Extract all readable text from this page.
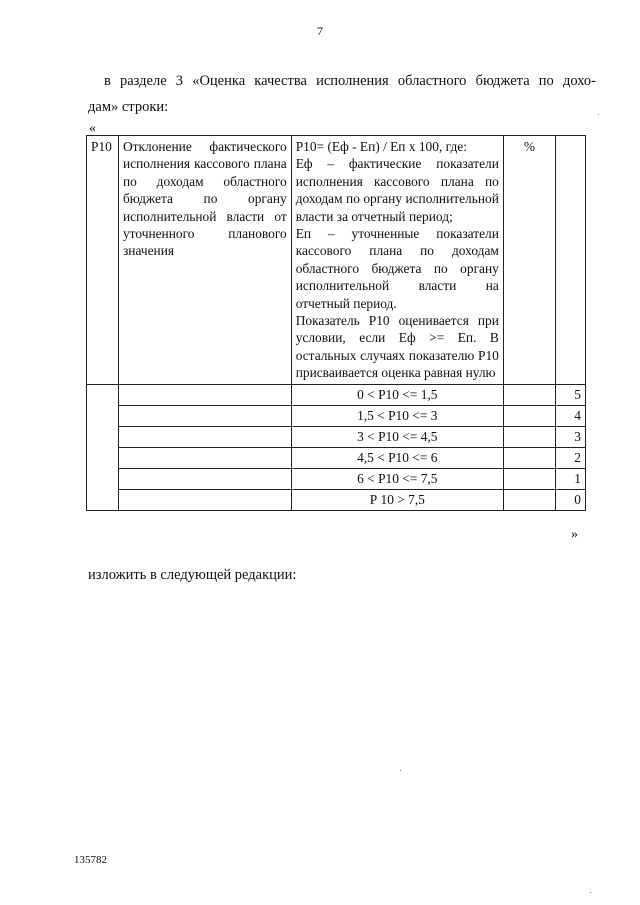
7

в разделе 3 «Оценка качества исполнения областного бюджета по дохо-
дам» строки:

«
Р10	Отклонение фактического исполнения кассового плана по доходам областного бюджета по органу исполнительной власти от уточненного планового значения	Р10= (Еф - Еп) / Еп х 100, где:

Еф – фактические показатели исполнения кассового плана по доходам по органу исполнительной власти за отчетный период;

Еп – уточненные показатели кассового плана по доходам областного бюджета по органу исполнительной власти на отчетный период.

Показатель Р10 оценивается при условии, если Еф >= Еп. В остальных случаях показателю Р10 присваивается оценка равная нулю	%	
		0 < Р10 <= 1,5		5
		1,5 < Р10 <= 3		4
		3 < Р10 <= 4,5		3
		4,5 < Р10 <= 6		2
		6 < Р10 <= 7,5		1
		Р 10 > 7,5		0
»

изложить в следующей редакции:

135782
